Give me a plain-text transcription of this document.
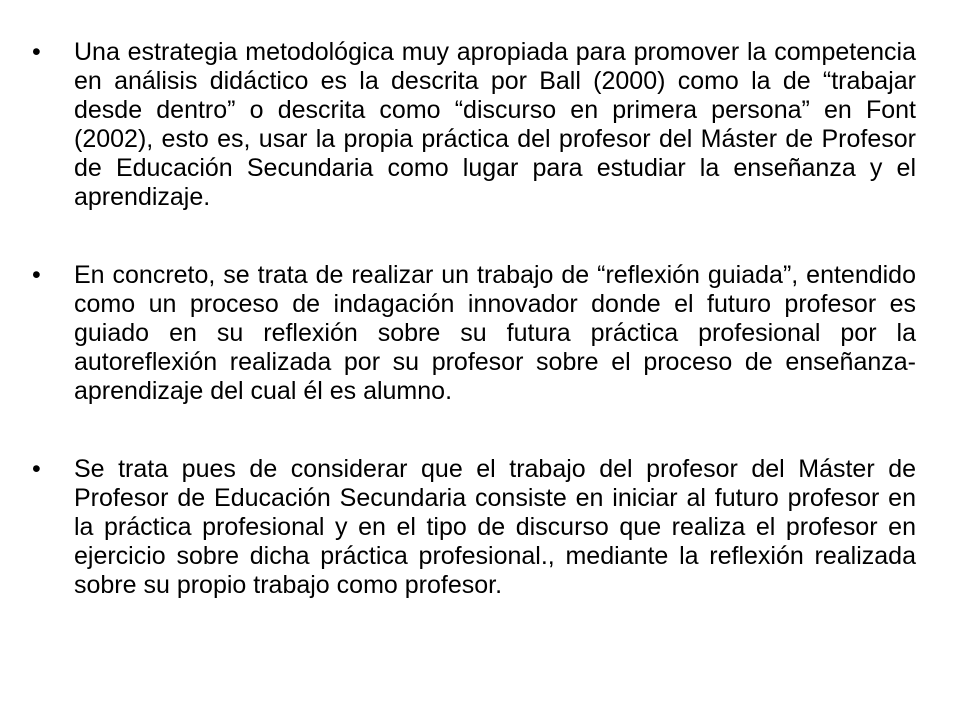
•	Una estrategia metodológica muy apropiada para promover la competencia en análisis didáctico es la descrita por Ball (2000) como la de “trabajar desde dentro” o descrita como “discurso en primera persona” en Font (2002), esto es, usar la propia práctica del profesor del Máster de Profesor de Educación Secundaria como lugar para estudiar la enseñanza y el aprendizaje.

•	En concreto, se trata de realizar un trabajo de “reflexión guiada”, entendido como un proceso de indagación innovador donde el futuro profesor es guiado en su reflexión sobre su futura práctica profesional por la autoreflexión realizada por su profesor sobre el proceso de enseñanza-aprendizaje del cual él es alumno.

•	Se trata pues de considerar que el trabajo del profesor del Máster de Profesor de Educación Secundaria consiste en iniciar al futuro profesor en la práctica profesional y en el tipo de discurso que realiza el profesor en ejercicio sobre dicha práctica profesional., mediante la reflexión realizada sobre su propio trabajo como profesor.
